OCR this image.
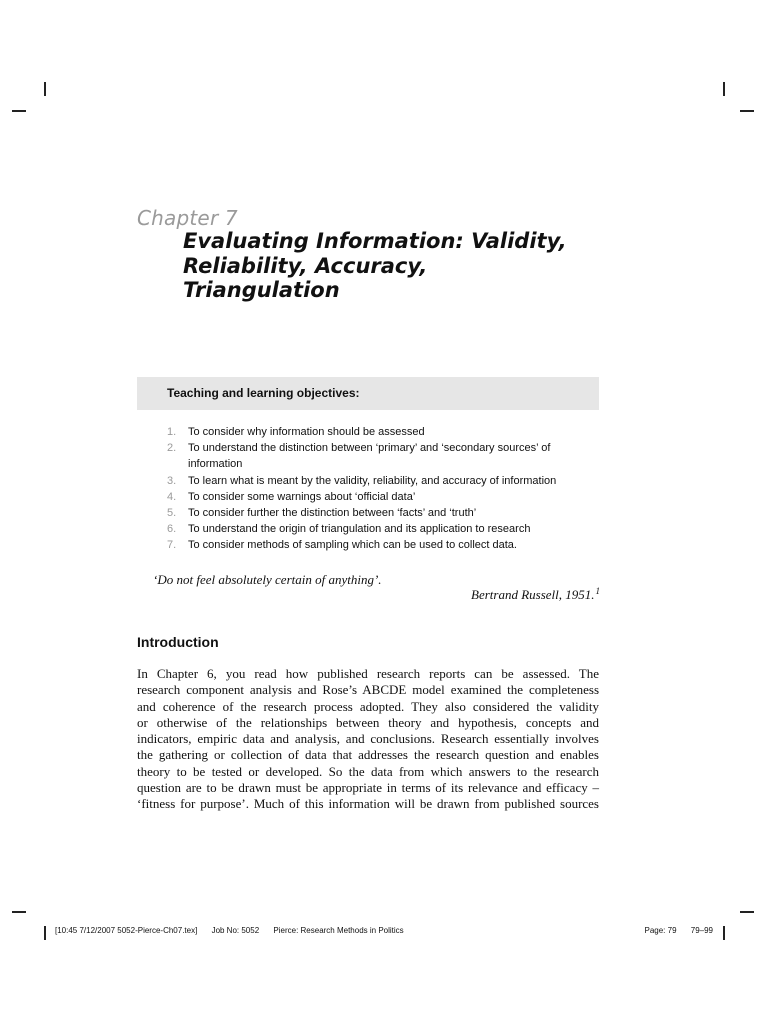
Chapter 7
Evaluating Information: Validity,
Reliability, Accuracy,
Triangulation
Teaching and learning objectives:
1.	To consider why information should be assessed
2.	To understand the distinction between ‘primary’ and ‘secondary sources’ of
information
3.	To learn what is meant by the validity, reliability, and accuracy of information
4.	To consider some warnings about ‘official data’
5.	To consider further the distinction between ‘facts’ and ‘truth’
6.	To understand the origin of triangulation and its application to research
7.	To consider methods of sampling which can be used to collect data.
‘Do not feel absolutely certain of anything’.
Bertrand Russell, 1951.$^1$
Introduction
In Chapter 6, you read how published research reports can be assessed. The
research component analysis and Rose’s ABCDE model examined the completeness
and coherence of the research process adopted. They also considered the validity
or otherwise of the relationships between theory and hypothesis, concepts and
indicators, empiric data and analysis, and conclusions. Research essentially involves
the gathering or collection of data that addresses the research question and enables
theory to be tested or developed. So the data from which answers to the research
question are to be drawn must be appropriate in terms of its relevance and efficacy –
‘fitness for purpose’. Much of this information will be drawn from published sources
[10:45 7/12/2007 5052-Pierce-Ch07.tex] Job No: 5052 Pierce: Research Methods in Politics	Page: 79 79–99
